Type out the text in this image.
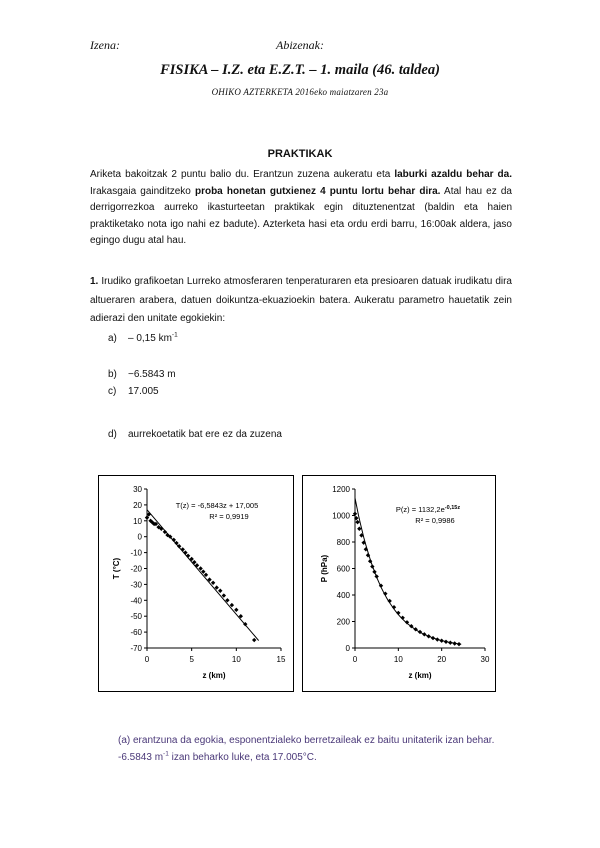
Izena:	Abizenak:
FISIKA – I.Z. eta E.Z.T. – 1. maila (46. taldea)
OHIKO AZTERKETA 2016eko maiatzaren 23a
PRAKTIKAK
Ariketa bakoitzak 2 puntu balio du. Erantzun zuzena aukeratu eta laburki azaldu behar da. Irakasgaia gainditzeko proba honetan gutxienez 4 puntu lortu behar dira. Atal hau ez da derrigorrezkoa aurreko ikasturteetan praktikak egin dituztenentzat (baldin eta haien praktiketako nota igo nahi ez badute). Azterketa hasi eta ordu erdi barru, 16:00ak aldera, jaso egingo dugu atal hau.
1. Irudiko grafikoetan Lurreko atmosferaren tenperaturaren eta presioaren datuak irudikatu dira altueraren arabera, datuen doikuntza-ekuazioekin batera. Aukeratu parametro hauetatik zein adierazi den unitate egokiekin:
a) – 0,15 $km^{-1}$
b) −6.5843 m
c) 17.005
d) aurrekoetatik bat ere ez da zuzena
30
20
10
0
-10
-20
-30
-40
-50
-60
-70
0	5	10	15
z (km)
T (°C)
T(z) = -6,5843z + 17,005
R² = 0,9919
1200
1000
800
600
400
200
0
0	10	20	30
z (km)
P (hPa)
$P(z) = 1132,2e^{-0,15z}$
R² = 0,9986
(a) erantzuna da egokia, esponentzialeko berretzaileak ez baitu unitaterik izan behar. -6.5843 $m^{-1}$ izan beharko luke, eta 17.005°C.
